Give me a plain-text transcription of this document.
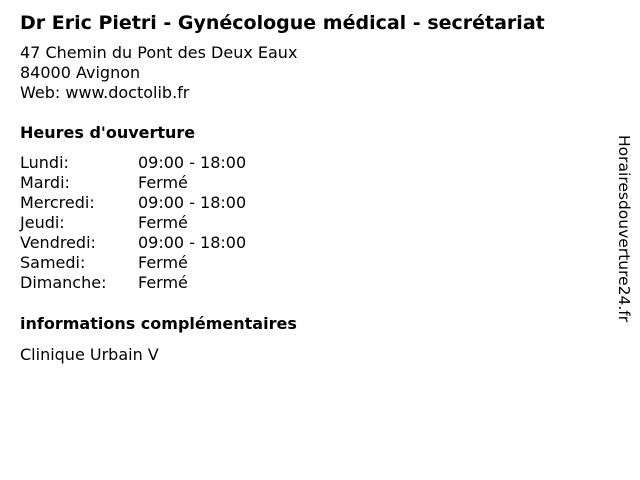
Dr Eric Pietri - Gynécologue médical - secrétariat
47 Chemin du Pont des Deux Eaux
84000 Avignon
Web: www.doctolib.fr
Heures d'ouverture
Lundi:	09:00 - 18:00
Mardi:	Fermé
Mercredi:	09:00 - 18:00
Jeudi:	Fermé
Vendredi:	09:00 - 18:00
Samedi:	Fermé
Dimanche:	Fermé
informations complémentaires
Clinique Urbain V
Horairesdouverture24.fr
